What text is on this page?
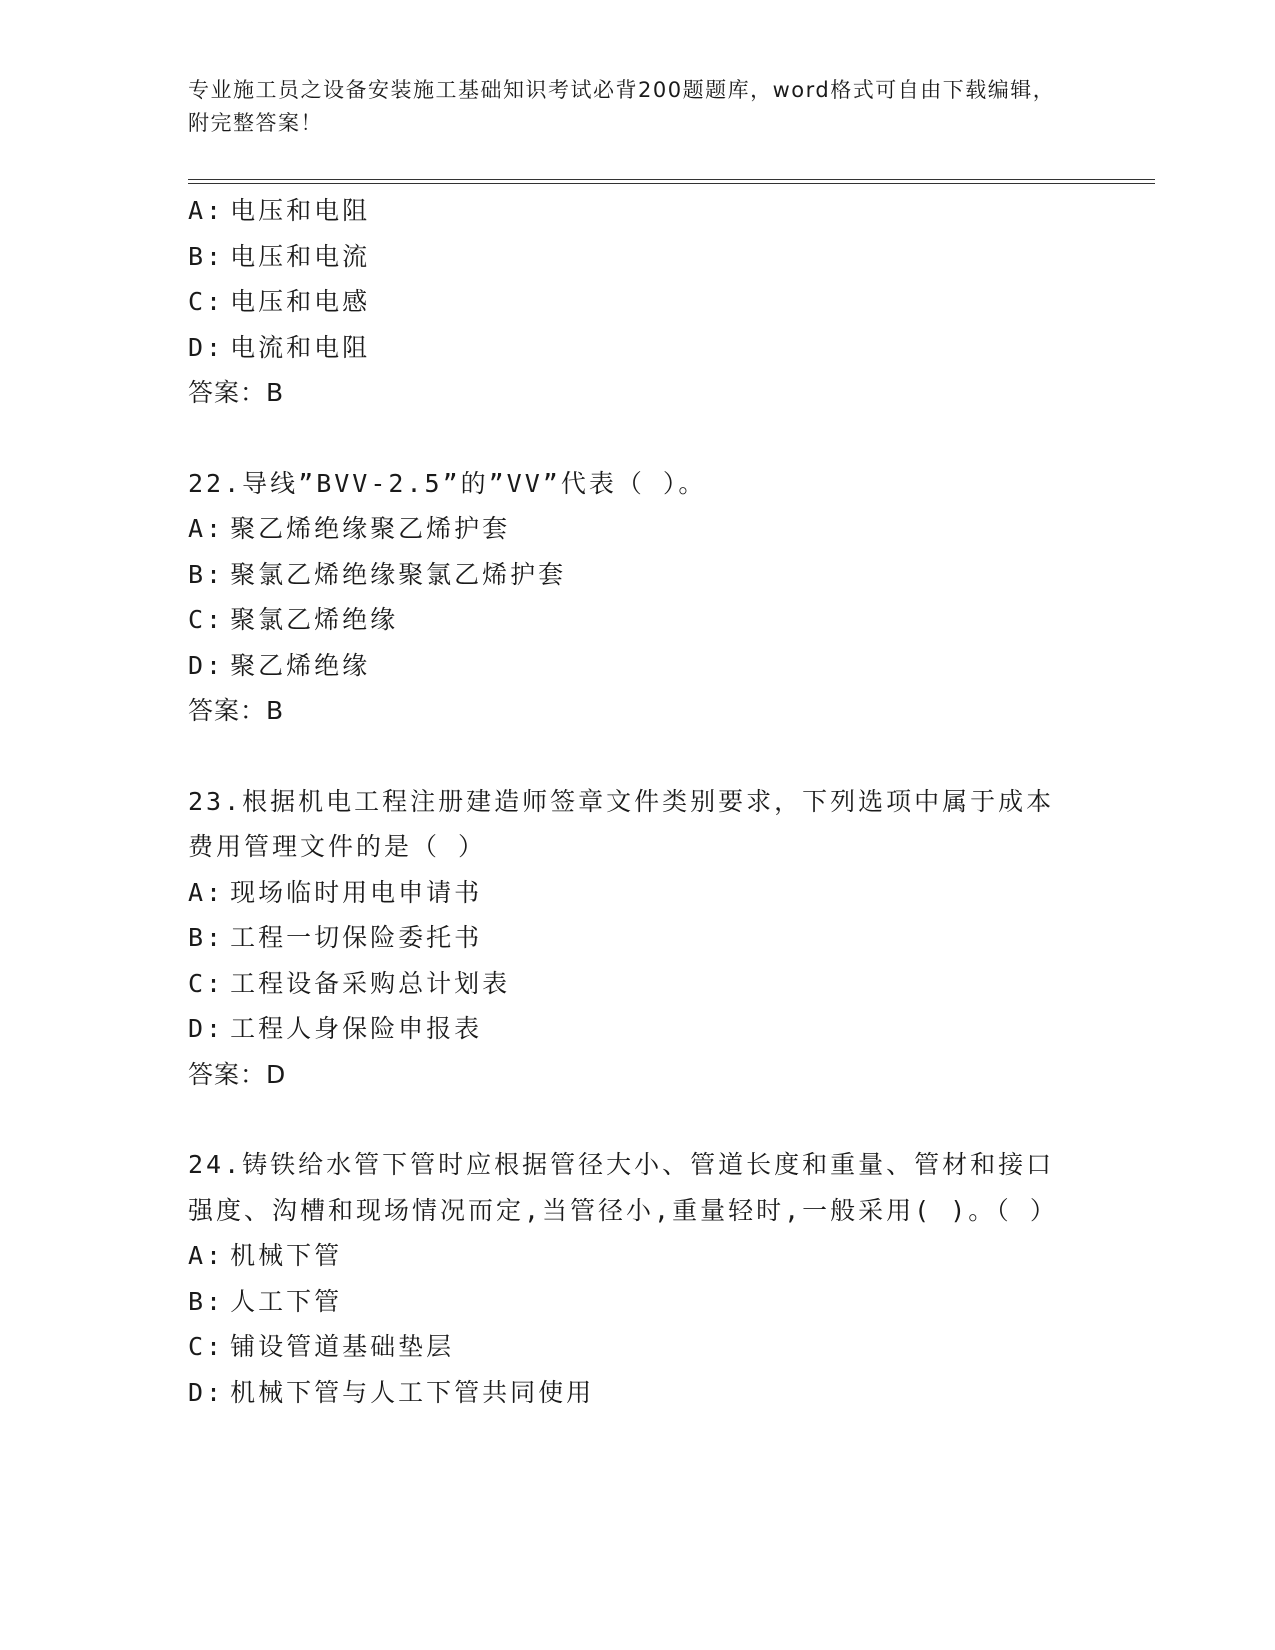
专业施工员之设备安装施工基础知识考试必背200题题库，word格式可自由下载编辑，附完整答案！
A: 电压和电阻
B: 电压和电流
C: 电压和电感
D: 电流和电阻
答案：B
22.导线”BVV-2.5”的”VV”代表（ ）。
A: 聚乙烯绝缘聚乙烯护套
B: 聚氯乙烯绝缘聚氯乙烯护套
C: 聚氯乙烯绝缘
D: 聚乙烯绝缘
答案：B
23.根据机电工程注册建造师签章文件类别要求，下列选项中属于成本费用管理文件的是（ ）
A: 现场临时用电申请书
B: 工程一切保险委托书
C: 工程设备采购总计划表
D: 工程人身保险申报表
答案：D
24.铸铁给水管下管时应根据管径大小、管道长度和重量、管材和接口强度、沟槽和现场情况而定,当管径小,重量轻时,一般采用( )。（ ）
A: 机械下管
B: 人工下管
C: 铺设管道基础垫层
D: 机械下管与人工下管共同使用
